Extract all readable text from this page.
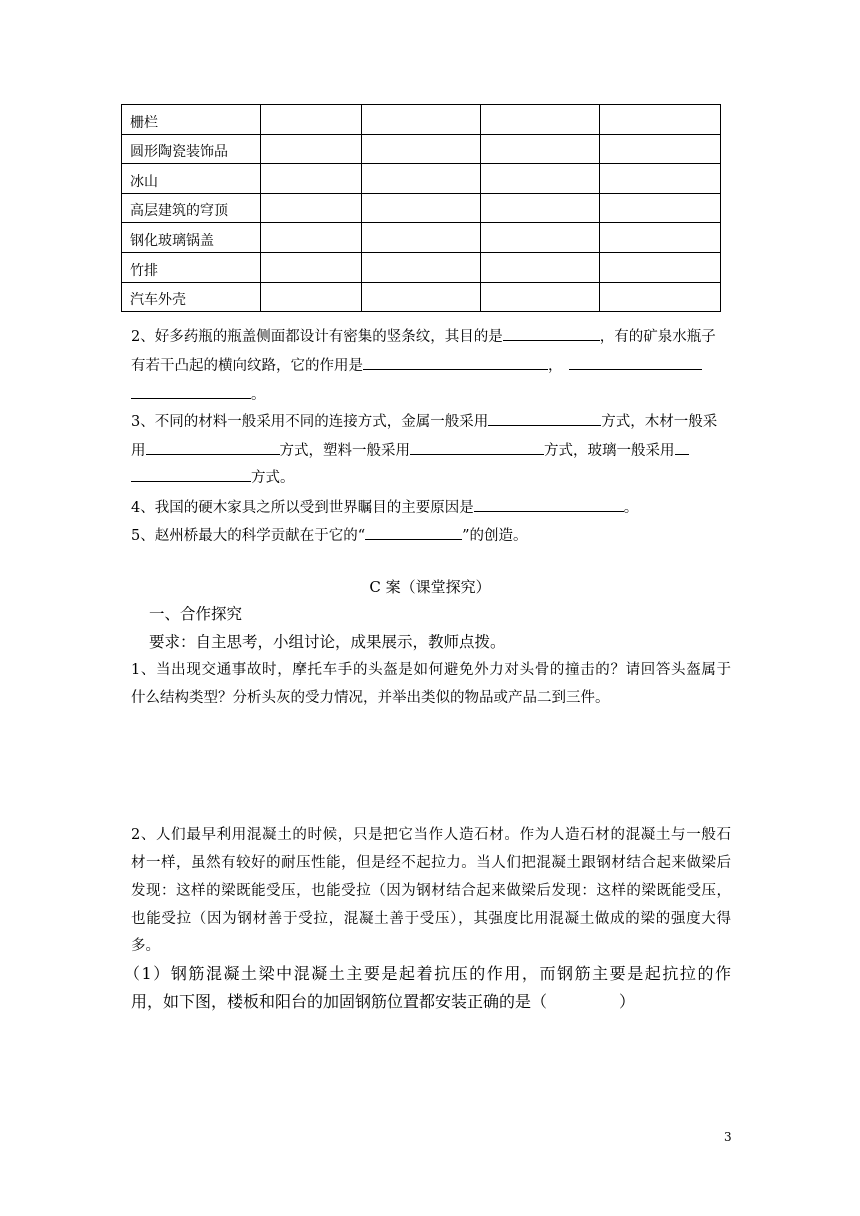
栅栏				
圆形陶瓷装饰品				
冰山				
高层建筑的穹顶				
钢化玻璃锅盖				
竹排				
汽车外壳				
2、好多药瓶的瓶盖侧面都设计有密集的竖条纹，其目的是	，有的矿泉水瓶子
有若干凸起的横向纹路，它的作用是	，
。
3、不同的材料一般采用不同的连接方式，金属一般采用	方式，木材一般采
用	方式，塑料一般采用	方式，玻璃一般采用
方式。
4、我国的硬木家具之所以受到世界瞩目的主要原因是	。
5、赵州桥最大的科学贡献在于它的“	”的创造。
C 案（课堂探究）
一、合作探究
要求：自主思考，小组讨论，成果展示，教师点拨。
1、当出现交通事故时，摩托车手的头盔是如何避免外力对头骨的撞击的？请回答头盔属于
什么结构类型？分析头灰的受力情况，并举出类似的物品或产品二到三件。
2、人们最早利用混凝土的时候，只是把它当作人造石材。作为人造石材的混凝土与一般石
材一样，虽然有较好的耐压性能，但是经不起拉力。当人们把混凝土跟钢材结合起来做梁后
发现：这样的梁既能受压，也能受拉（因为钢材结合起来做梁后发现：这样的梁既能受压，
也能受拉（因为钢材善于受拉，混凝土善于受压），其强度比用混凝土做成的梁的强度大得
多。
（1）钢筋混凝土梁中混凝土主要是起着抗压的作用，而钢筋主要是起抗拉的作
用，如下图，楼板和阳台的加固钢筋位置都安装正确的是（	）
3
